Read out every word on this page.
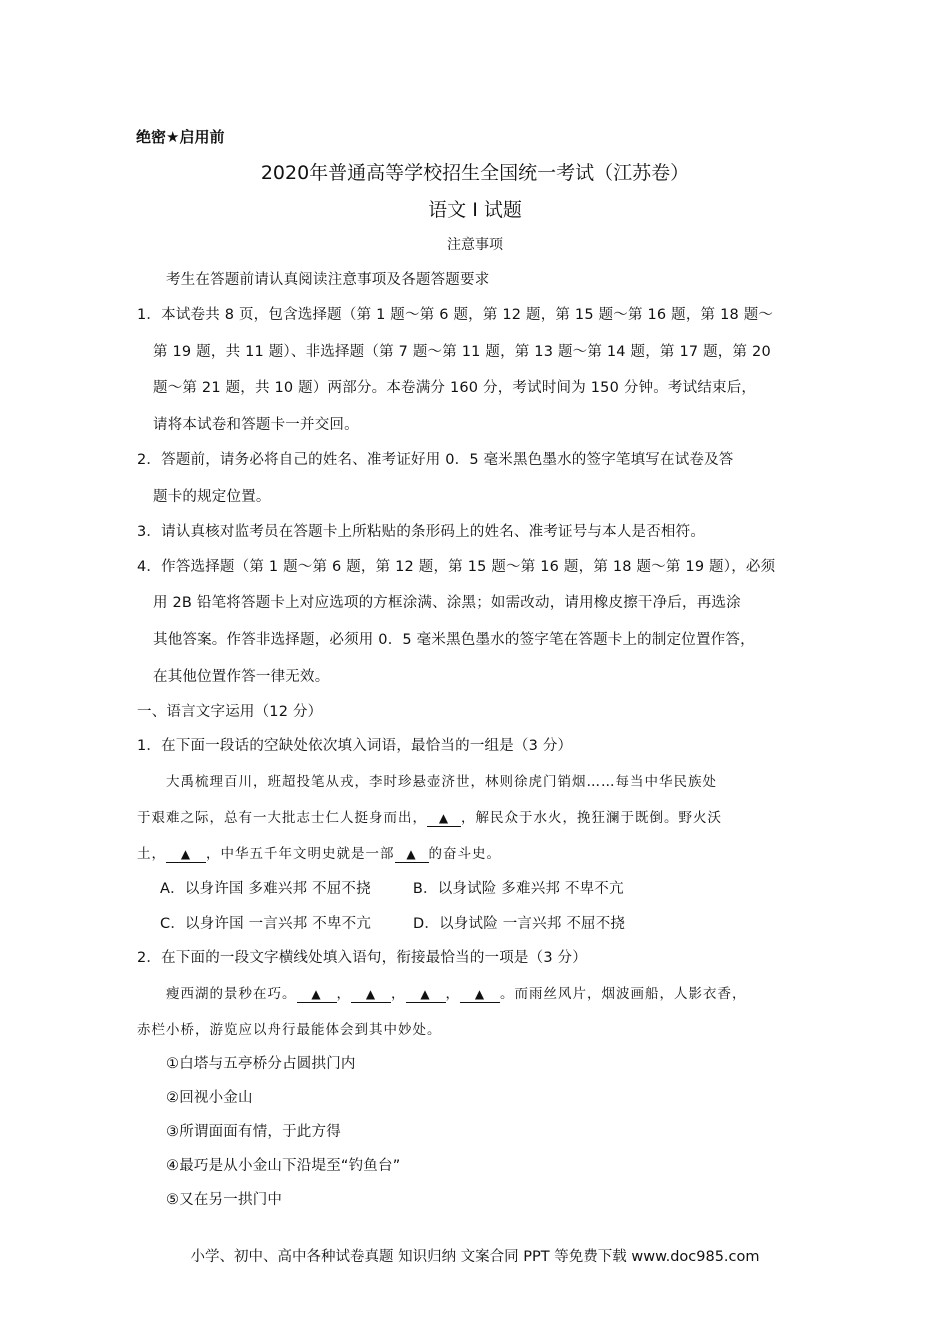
绝密★启用前
2020年普通高等学校招生全国统一考试（江苏卷）
语文 I 试题
注意事项
考生在答题前请认真阅读注意事项及各题答题要求
1．本试卷共 8 页，包含选择题（第 1 题～第 6 题，第 12 题，第 15 题～第 16 题，第 18 题～
第 19 题，共 11 题）、非选择题（第 7 题～第 11 题，第 13 题～第 14 题，第 17 题，第 20
题～第 21 题，共 10 题）两部分。本卷满分 160 分，考试时间为 150 分钟。考试结束后，
请将本试卷和答题卡一并交回。
2．答题前，请务必将自己的姓名、准考证好用 0．5 毫米黑色墨水的签字笔填写在试卷及答
题卡的规定位置。
3．请认真核对监考员在答题卡上所粘贴的条形码上的姓名、准考证号与本人是否相符。
4．作答选择题（第 1 题～第 6 题，第 12 题，第 15 题～第 16 题，第 18 题～第 19 题），必须
用 2B 铅笔将答题卡上对应选项的方框涂满、涂黑；如需改动，请用橡皮擦干净后，再选涂
其他答案。作答非选择题，必须用 0．5 毫米黑色墨水的签字笔在答题卡上的制定位置作答，
在其他位置作答一律无效。
一、语言文字运用（12 分）
1．在下面一段话的空缺处依次填入词语，最恰当的一组是（3 分）
大禹梳理百川，班超投笔从戎，李时珍悬壶济世，林则徐虎门销烟……每当中华民族处
于艰难之际，总有一大批志士仁人挺身而出， ▲ ，解民众于水火，挽狂澜于既倒。野火沃
土， ▲ ，中华五千年文明史就是一部 ▲ 的奋斗史。
A．以身许国 多难兴邦 不屈不挠	B．以身试险 多难兴邦 不卑不亢
C．以身许国 一言兴邦 不卑不亢	D．以身试险 一言兴邦 不屈不挠
2．在下面的一段文字横线处填入语句，衔接最恰当的一项是（3 分）
瘦西湖的景秒在巧。 ▲ ， ▲ ， ▲ ， ▲ 。而雨丝风片，烟波画船，人影衣香，
赤栏小桥，游览应以舟行最能体会到其中妙处。
①白塔与五亭桥分占圆拱门内
②回视小金山
③所谓面面有情，于此方得
④最巧是从小金山下沿堤至“钓鱼台”
⑤又在另一拱门中
小学、初中、高中各种试卷真题 知识归纳 文案合同 PPT 等免费下载 www.doc985.com
